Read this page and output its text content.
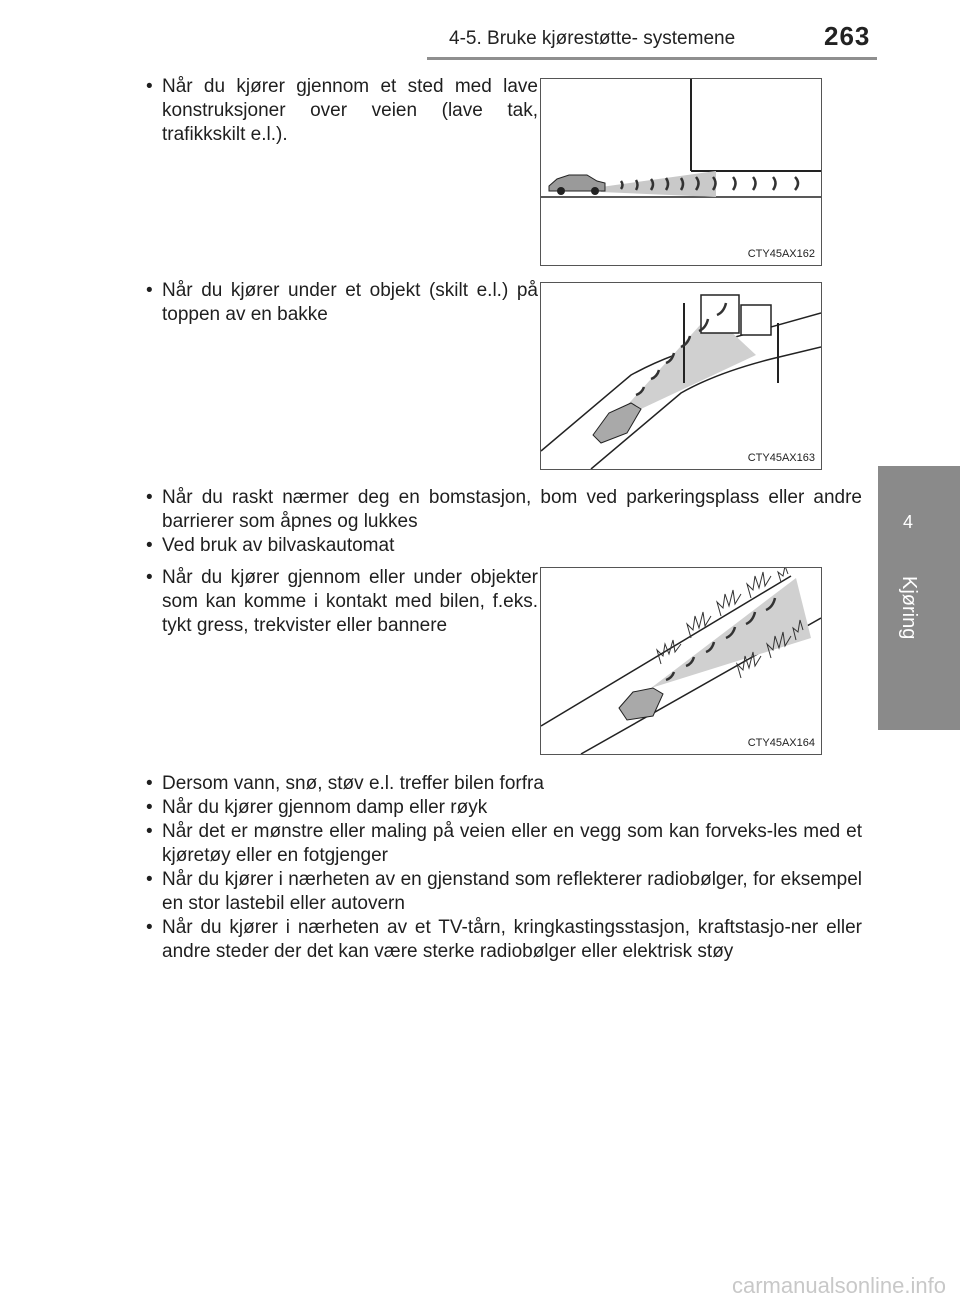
4-5. Bruke kjørestøtte- systemene	263
4
Kjøring
• Når du kjører gjennom et sted med lave konstruksjoner over veien (lave tak, trafikkskilt e.l.).
CTY45AX162
• Når du kjører under et objekt (skilt e.l.) på toppen av en bakke
CTY45AX163
• Når du raskt nærmer deg en bomstasjon, bom ved parkeringsplass eller andre barrierer som åpnes og lukkes
• Ved bruk av bilvaskautomat
• Når du kjører gjennom eller under objekter som kan komme i kontakt med bilen, f.eks. tykt gress, trekvister eller bannere
CTY45AX164
• Dersom vann, snø, støv e.l. treffer bilen forfra
• Når du kjører gjennom damp eller røyk
• Når det er mønstre eller maling på veien eller en vegg som kan forveks-les med et kjøretøy eller en fotgjenger
• Når du kjører i nærheten av en gjenstand som reflekterer radiobølger, for eksempel en stor lastebil eller autovern
• Når du kjører i nærheten av et TV-tårn, kringkastingsstasjon, kraftstasjo-ner eller andre steder der det kan være sterke radiobølger eller elektrisk støy
carmanualsonline.info
